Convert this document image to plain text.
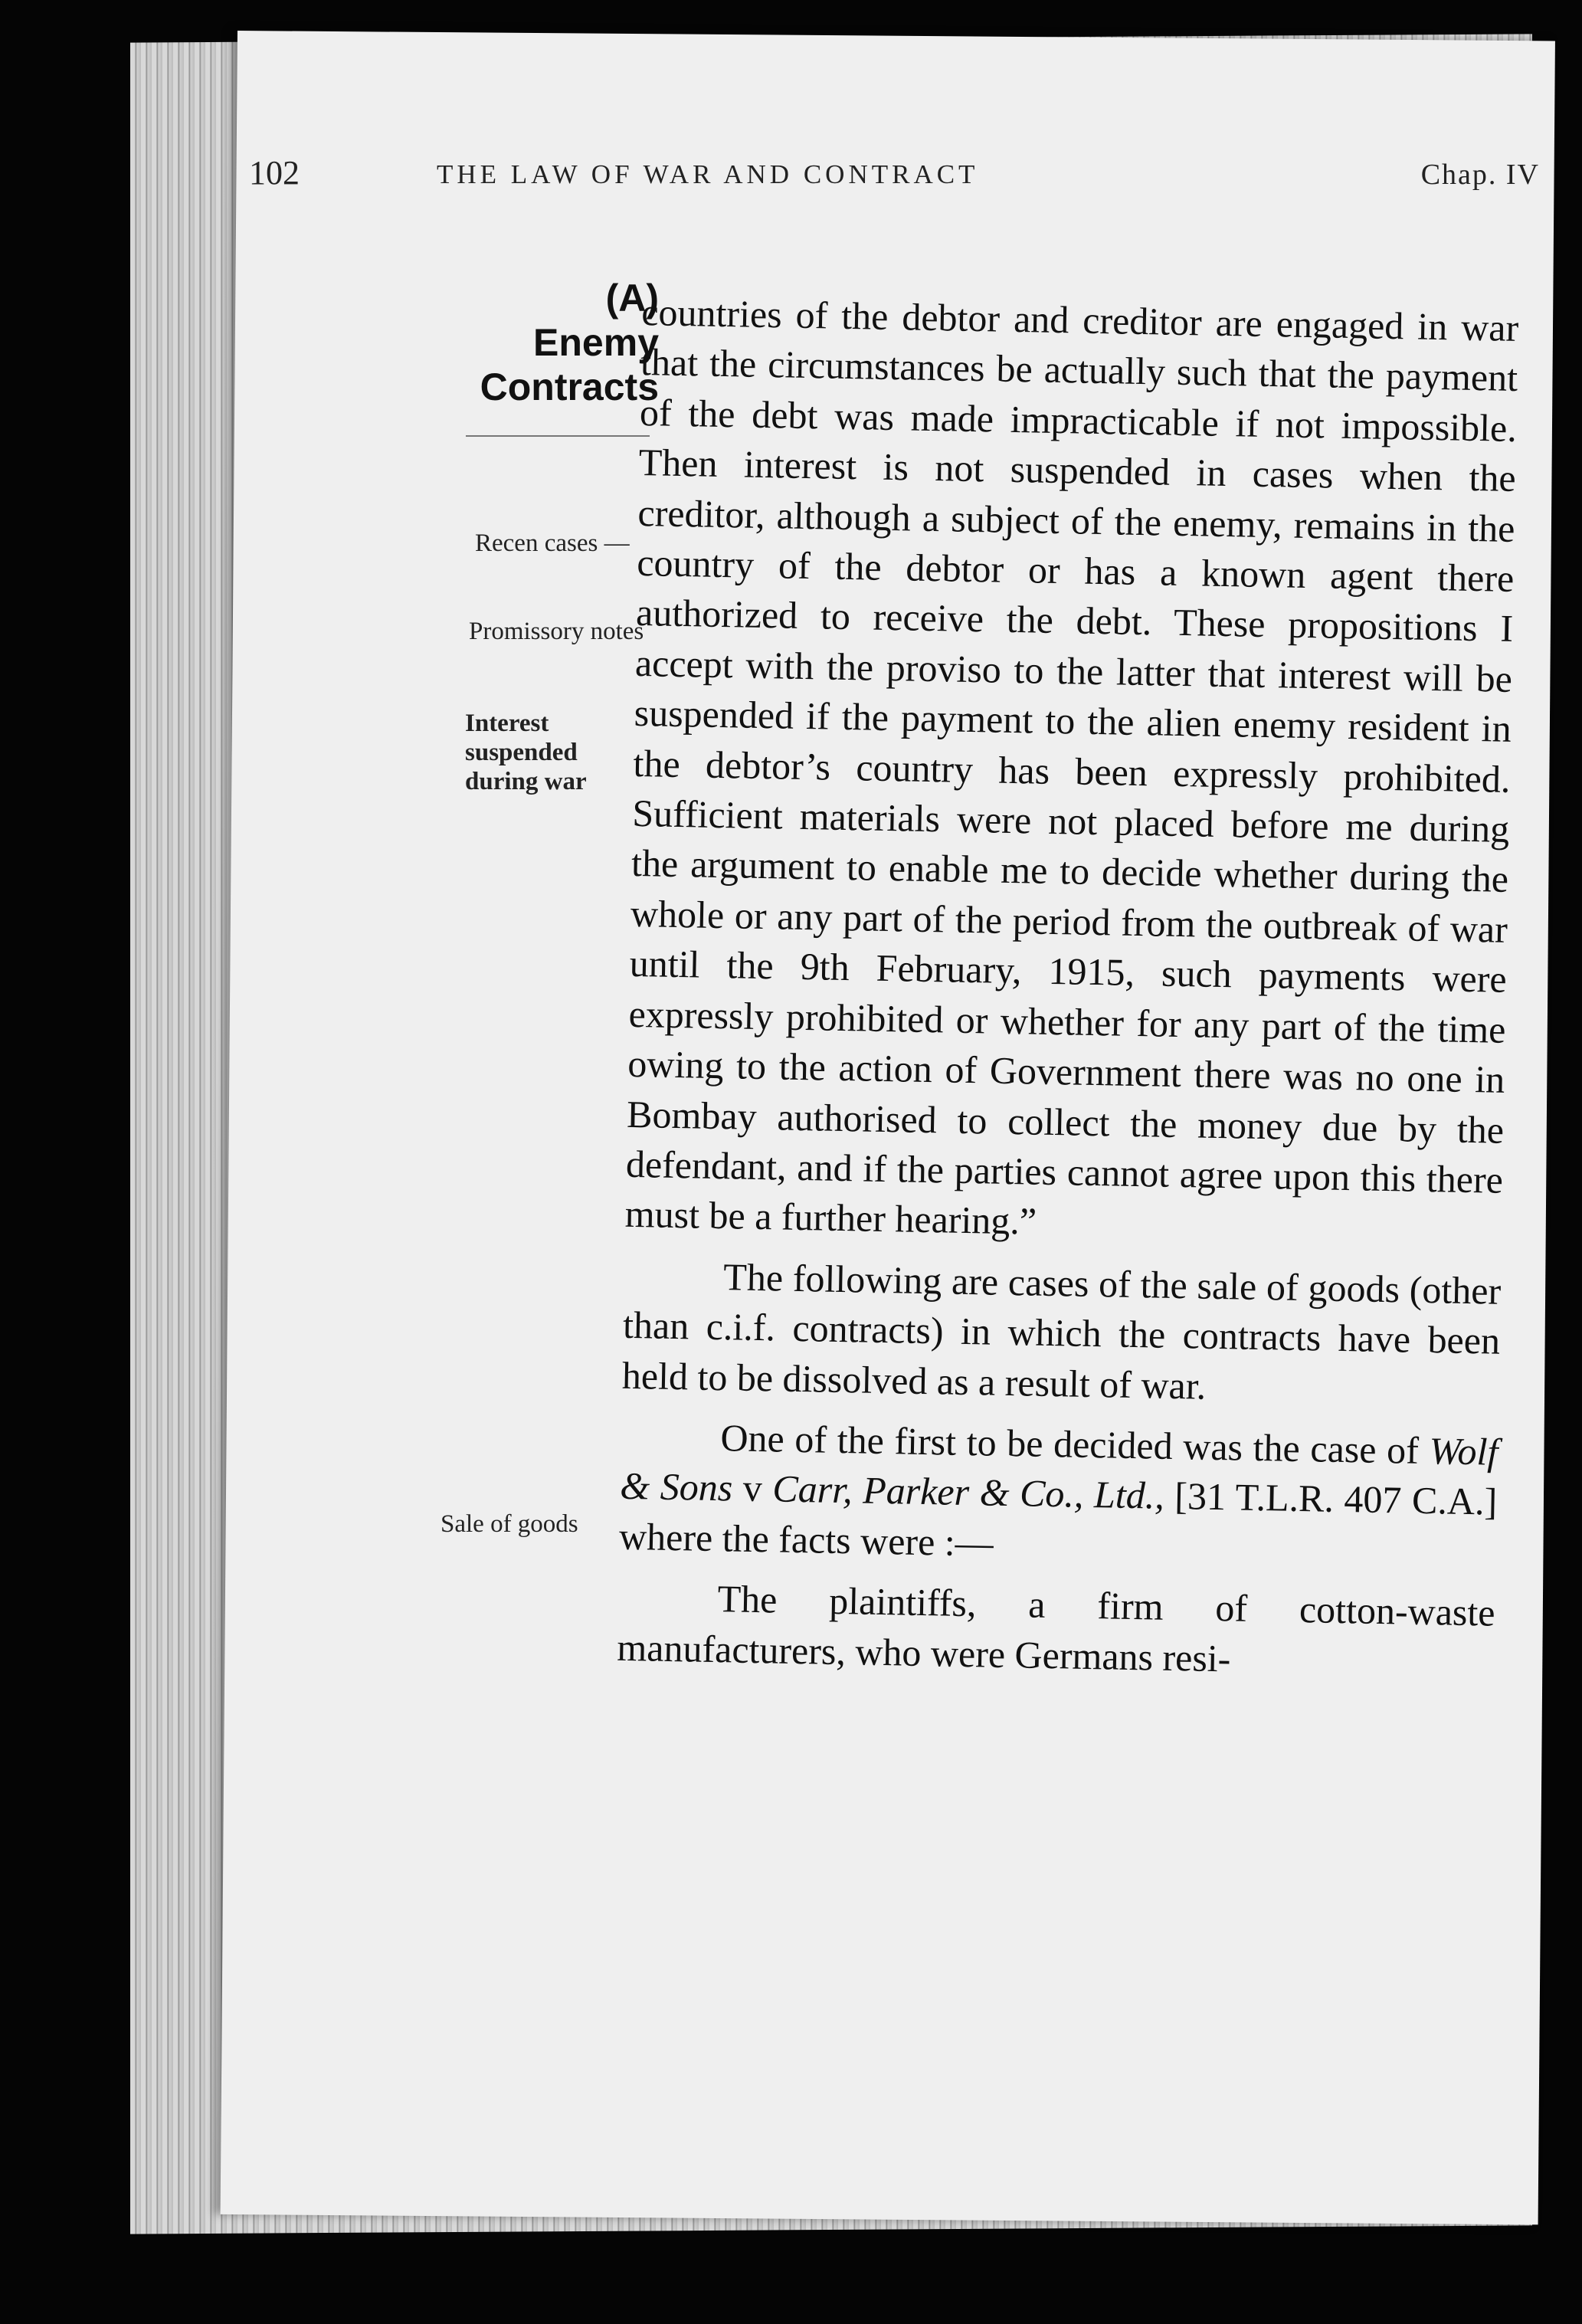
102	THE LAW OF WAR AND CONTRACT	Chap. IV
(A)
Enemy
Contracts
Recen cases —
Promissory notes
Interest suspended during war
Sale of goods

countries of the debtor and creditor are engaged in war that the circumstances be actually such that the payment of the debt was made impracticable if not impossible. Then interest is not suspended in cases when the creditor, although a subject of the enemy, remains in the country of the debtor or has a known agent there authorized to receive the debt. These propositions I accept with the proviso to the latter that interest will be suspended if the payment to the alien enemy resident in the debtor’s country has been expressly prohibited. Sufficient materials were not placed before me during the argument to enable me to decide whether during the whole or any part of the period from the outbreak of war until the 9th February, 1915, such payments were expressly prohibited or whether for any part of the time owing to the action of Government there was no one in Bombay authorised to collect the money due by the defendant, and if the parties cannot agree upon this there must be a further hearing.”

The following are cases of the sale of goods (other than c.i.f. contracts) in which the contracts have been held to be dissolved as a result of war.

One of the first to be decided was the case of Wolf & Sons v Carr, Parker & Co., Ltd., [31 T.L.R. 407 C.A.] where the facts were :—

The plaintiffs, a firm of cotton-waste manufacturers, who were Germans resi-
